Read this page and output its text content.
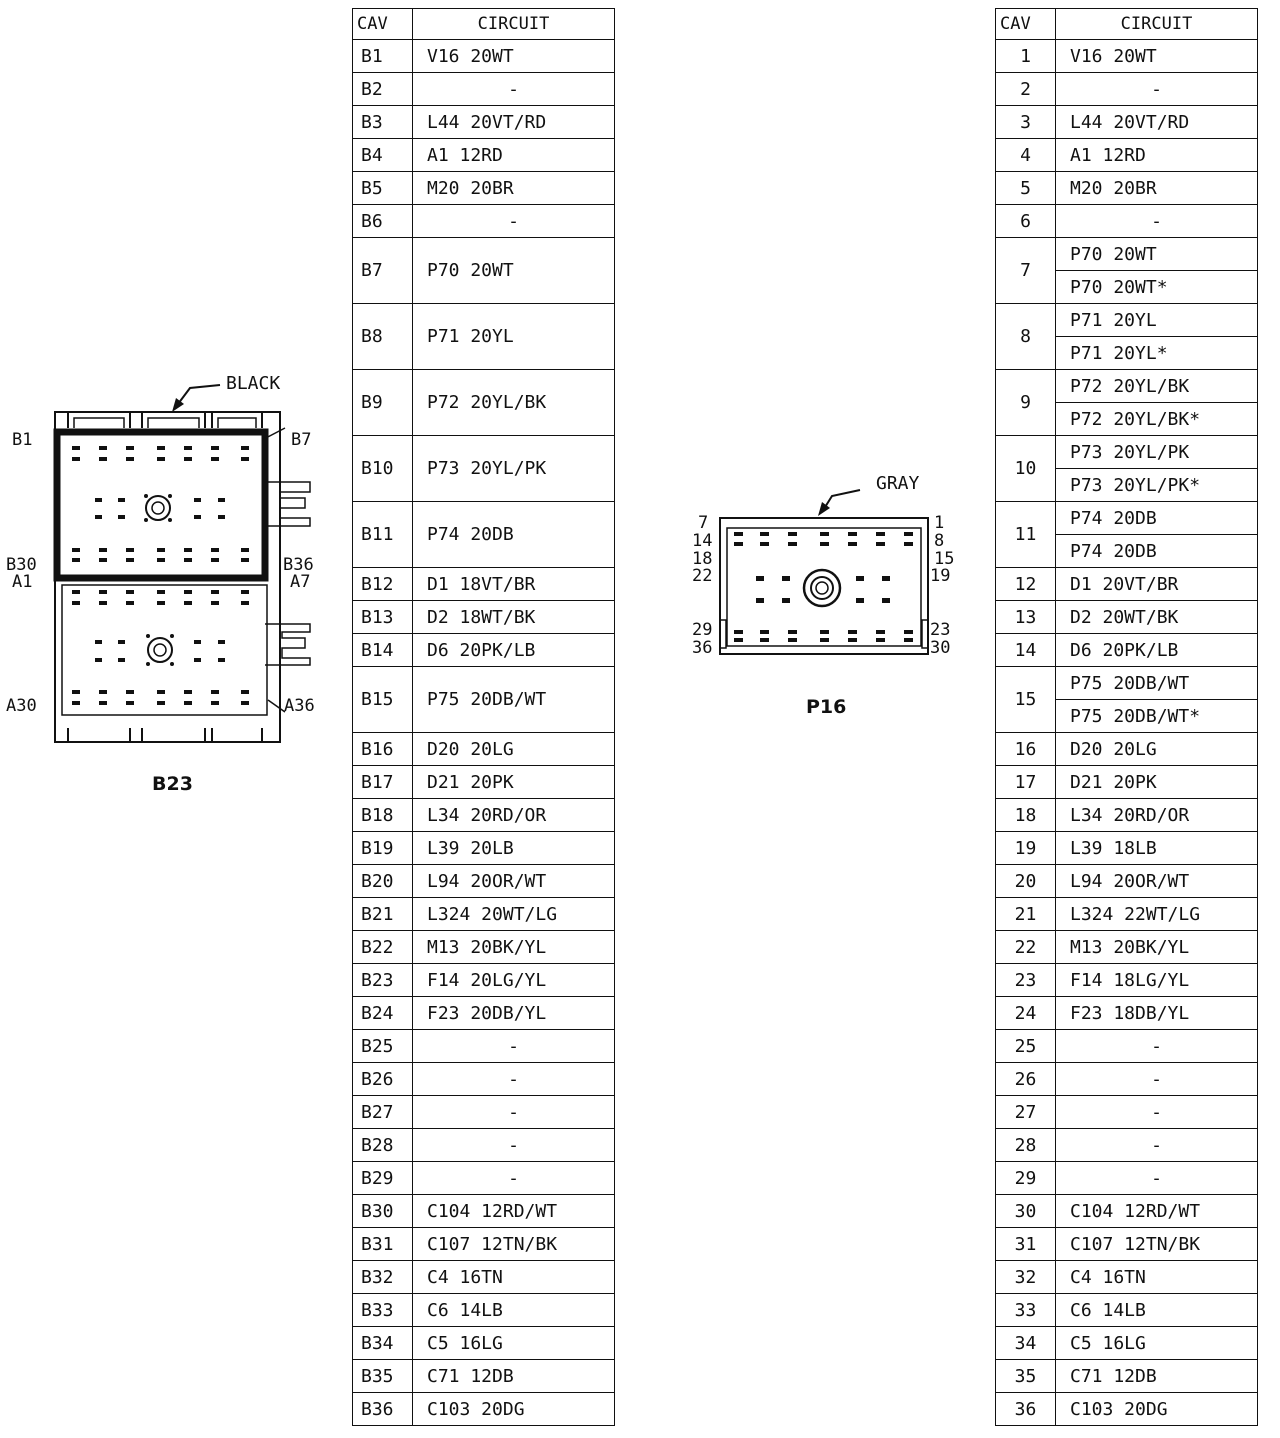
BLACK
B1	B7
B30
A1
B36
A7
A30	A36
B23
CAV	CIRCUIT
B1	V16 20WT
B2	-
B3	L44 20VT/RD
B4	A1 12RD
B5	M20 20BR
B6	-
B7	P70 20WT
B8	P71 20YL
B9	P72 20YL/BK
B10	P73 20YL/PK
B11	P74 20DB
B12	D1 18VT/BR
B13	D2 18WT/BK
B14	D6 20PK/LB
B15	P75 20DB/WT
B16	D20 20LG
B17	D21 20PK
B18	L34 20RD/OR
B19	L39 20LB
B20	L94 20OR/WT
B21	L324 20WT/LG
B22	M13 20BK/YL
B23	F14 20LG/YL
B24	F23 20DB/YL
B25	-
B26	-
B27	-
B28	-
B29	-
B30	C104 12RD/WT
B31	C107 12TN/BK
B32	C4 16TN
B33	C6 14LB
B34	C5 16LG
B35	C71 12DB
B36	C103 20DG
GRAY
7	1
14	8
18	15
22	19
29	23
36	30
P16
CAV	CIRCUIT
1	V16 20WT
2	-
3	L44 20VT/RD
4	A1 12RD
5	M20 20BR
6	-
7	P70 20WT
	P70 20WT*
8	P71 20YL
	P71 20YL*
9	P72 20YL/BK
	P72 20YL/BK*
10	P73 20YL/PK
	P73 20YL/PK*
11	P74 20DB
	P74 20DB
12	D1 20VT/BR
13	D2 20WT/BK
14	D6 20PK/LB
15	P75 20DB/WT
	P75 20DB/WT*
16	D20 20LG
17	D21 20PK
18	L34 20RD/OR
19	L39 18LB
20	L94 20OR/WT
21	L324 22WT/LG
22	M13 20BK/YL
23	F14 18LG/YL
24	F23 18DB/YL
25	-
26	-
27	-
28	-
29	-
30	C104 12RD/WT
31	C107 12TN/BK
32	C4 16TN
33	C6 14LB
34	C5 16LG
35	C71 12DB
36	C103 20DG
